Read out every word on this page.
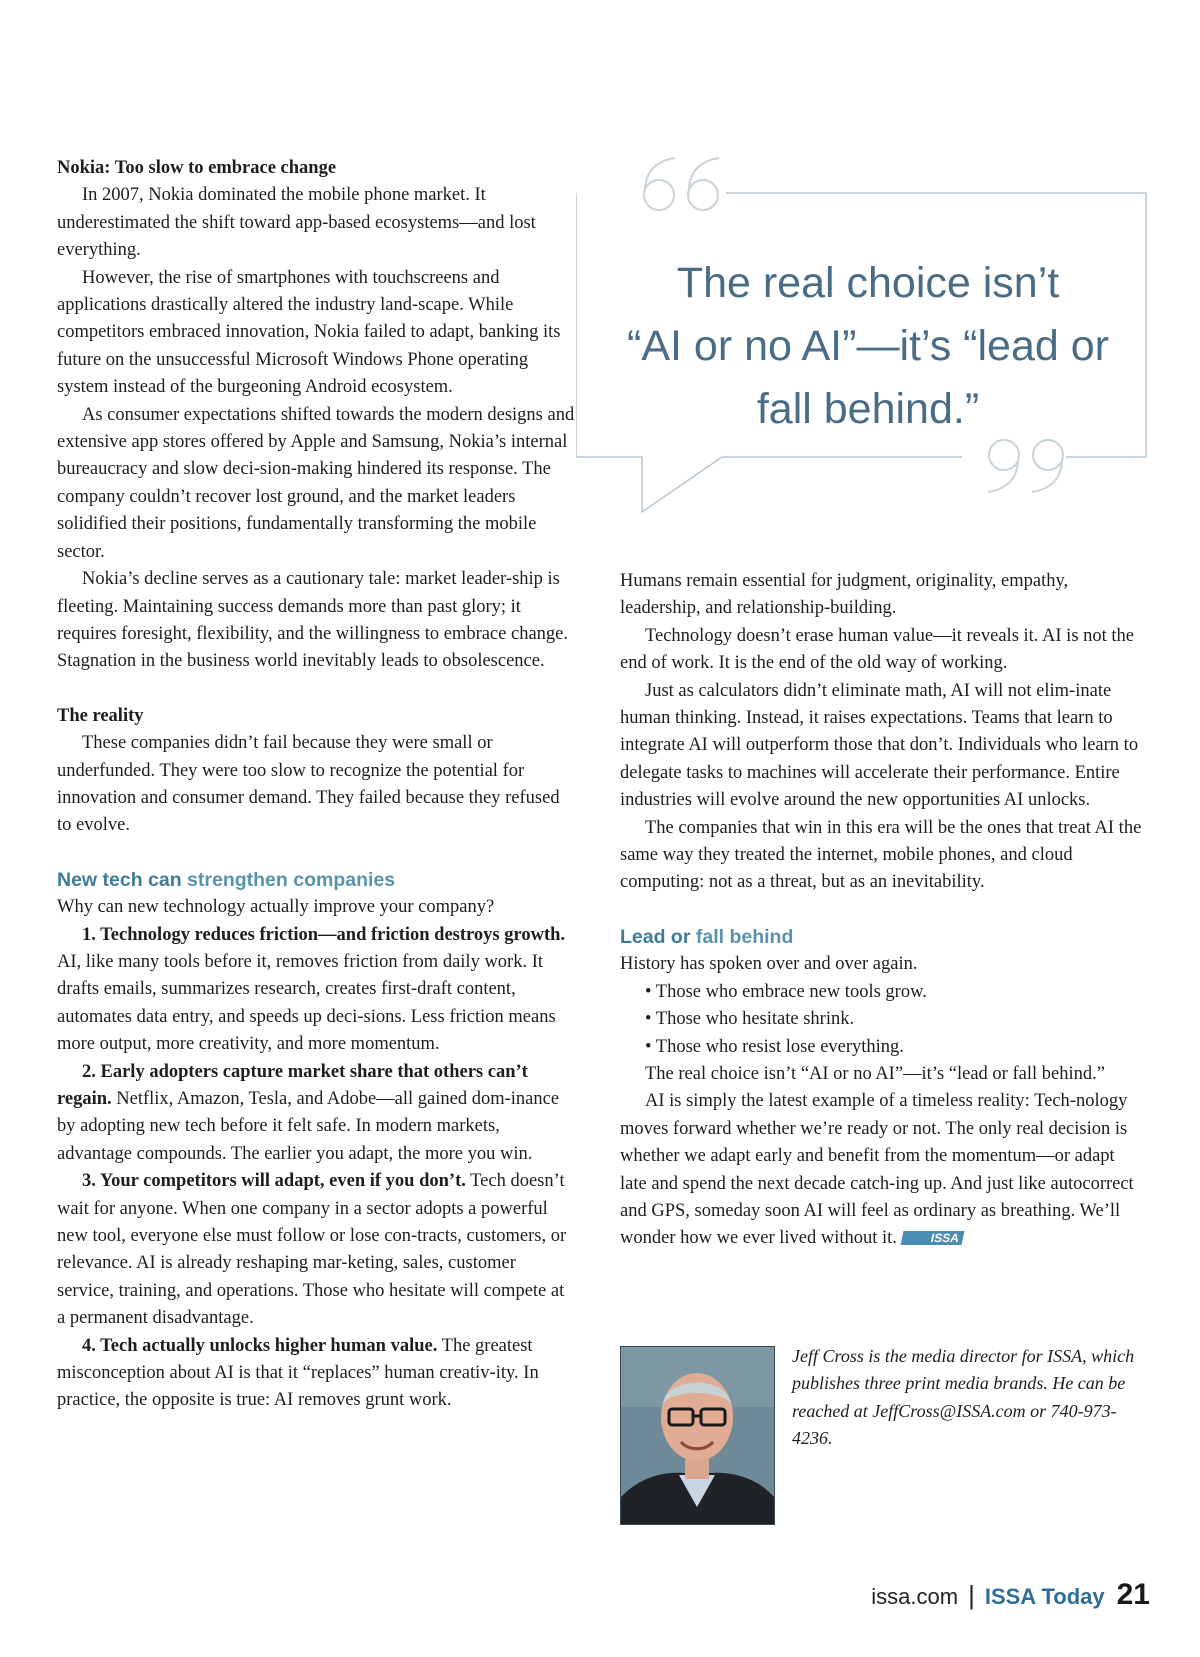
Nokia: Too slow to embrace change

In 2007, Nokia dominated the mobile phone market. It underestimated the shift toward app-based ecosystems—and lost everything.

However, the rise of smartphones with touchscreens and applications drastically altered the industry land-scape. While competitors embraced innovation, Nokia failed to adapt, banking its future on the unsuccessful Microsoft Windows Phone operating system instead of the burgeoning Android ecosystem.

As consumer expectations shifted towards the modern designs and extensive app stores offered by Apple and Samsung, Nokia’s internal bureaucracy and slow deci-sion-making hindered its response. The company couldn’t recover lost ground, and the market leaders solidified their positions, fundamentally transforming the mobile sector.

Nokia’s decline serves as a cautionary tale: market leader-ship is fleeting. Maintaining success demands more than past glory; it requires foresight, flexibility, and the willingness to embrace change. Stagnation in the business world inevitably leads to obsolescence.

The reality

These companies didn’t fail because they were small or underfunded. They were too slow to recognize the potential for innovation and consumer demand. They failed because they refused to evolve.

New tech can strengthen companies

Why can new technology actually improve your company?

1. Technology reduces friction—and friction destroys growth. AI, like many tools before it, removes friction from daily work. It drafts emails, summarizes research, creates first-draft content, automates data entry, and speeds up deci-sions. Less friction means more output, more creativity, and more momentum.

2. Early adopters capture market share that others can’t regain. Netflix, Amazon, Tesla, and Adobe—all gained dom-inance by adopting new tech before it felt safe. In modern markets, advantage compounds. The earlier you adapt, the more you win.

3. Your competitors will adapt, even if you don’t. Tech doesn’t wait for anyone. When one company in a sector adopts a powerful new tool, everyone else must follow or lose con-tracts, customers, or relevance. AI is already reshaping mar-keting, sales, customer service, training, and operations. Those who hesitate will compete at a permanent disadvantage.

4. Tech actually unlocks higher human value. The greatest misconception about AI is that it “replaces” human creativ-ity. In practice, the opposite is true: AI removes grunt work.

The real choice isn’t
“AI or no AI”—it’s “lead or
fall behind.”

Humans remain essential for judgment, originality, empathy, leadership, and relationship-building.

Technology doesn’t erase human value—it reveals it. AI is not the end of work. It is the end of the old way of working.

Just as calculators didn’t eliminate math, AI will not elim-inate human thinking. Instead, it raises expectations. Teams that learn to integrate AI will outperform those that don’t. Individuals who learn to delegate tasks to machines will accelerate their performance. Entire industries will evolve around the new opportunities AI unlocks.

The companies that win in this era will be the ones that treat AI the same way they treated the internet, mobile phones, and cloud computing: not as a threat, but as an inevitability.

Lead or fall behind

History has spoken over and over again.

• Those who embrace new tools grow.

• Those who hesitate shrink.

• Those who resist lose everything.

The real choice isn’t “AI or no AI”—it’s “lead or fall behind.”

AI is simply the latest example of a timeless reality: Tech-nology moves forward whether we’re ready or not. The only real decision is whether we adapt early and benefit from the momentum—or adapt late and spend the next decade catch-ing up. And just like autocorrect and GPS, someday soon AI will feel as ordinary as breathing. We’ll wonder how we ever lived without it.	ISSA

Jeff Cross is the media director for ISSA, which publishes three print media brands. He can be reached at JeffCross@ISSA.com or 740-973-4236.
issa.com | ISSA Today 21
